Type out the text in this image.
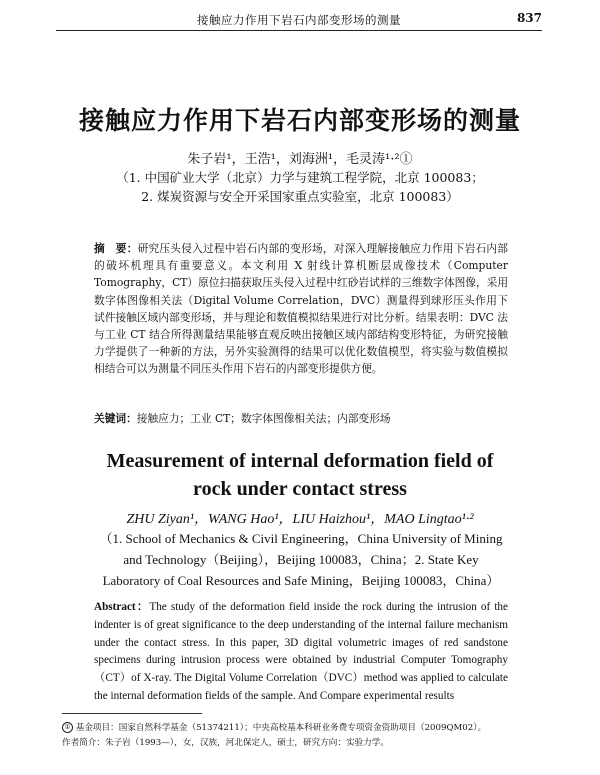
接触应力作用下岩石内部变形场的测量	837
接触应力作用下岩石内部变形场的测量
朱子岩¹，王浩¹，刘海洲¹，毛灵涛¹·²①
（1. 中国矿业大学（北京）力学与建筑工程学院，北京 100083；
2. 煤炭资源与安全开采国家重点实验室，北京 100083）
摘　要：研究压头侵入过程中岩石内部的变形场，对深入理解接触应力作用下岩石内部的破坏机理具有重要意义。本文利用 X 射线计算机断层成像技术（Computer Tomography，CT）原位扫描获取压头侵入过程中红砂岩试样的三维数字体图像，采用数字体图像相关法（Digital Volume Correlation，DVC）测量得到球形压头作用下试件接触区域内部变形场，并与理论和数值模拟结果进行对比分析。结果表明：DVC 法与工业 CT 结合所得测量结果能够直观反映出接触区域内部结构变形特征，为研究接触力学提供了一种新的方法，另外实验测得的结果可以优化数值模型，将实验与数值模拟相结合可以为测量不同压头作用下岩石的内部变形提供方便。
关键词：接触应力；工业 CT；数字体图像相关法；内部变形场
Measurement of internal deformation field of
rock under contact stress
ZHU Ziyan¹，WANG Hao¹，LIU Haizhou¹，MAO Lingtao¹·²
（1. School of Mechanics & Civil Engineering，China University of Mining and Technology（Beijing），Beijing 100083，China；2. State Key Laboratory of Coal Resources and Safe Mining，Beijing 100083，China）
Abstract：The study of the deformation field inside the rock during the intrusion of the indenter is of great significance to the deep understanding of the internal failure mechanism under the contact stress. In this paper, 3D digital volumetric images of red sandstone specimens during intrusion process were obtained by industrial Computer Tomography（CT）of X-ray. The Digital Volume Correlation（DVC）method was applied to calculate the internal deformation fields of the sample. And Compare experimental results
① 基金项目：国家自然科学基金（51374211）；中央高校基本科研业务费专项资金资助项目（2009QM02）。
作者简介：朱子岩（1993—），女，汉族，河北保定人，硕士，研究方向：实验力学。
